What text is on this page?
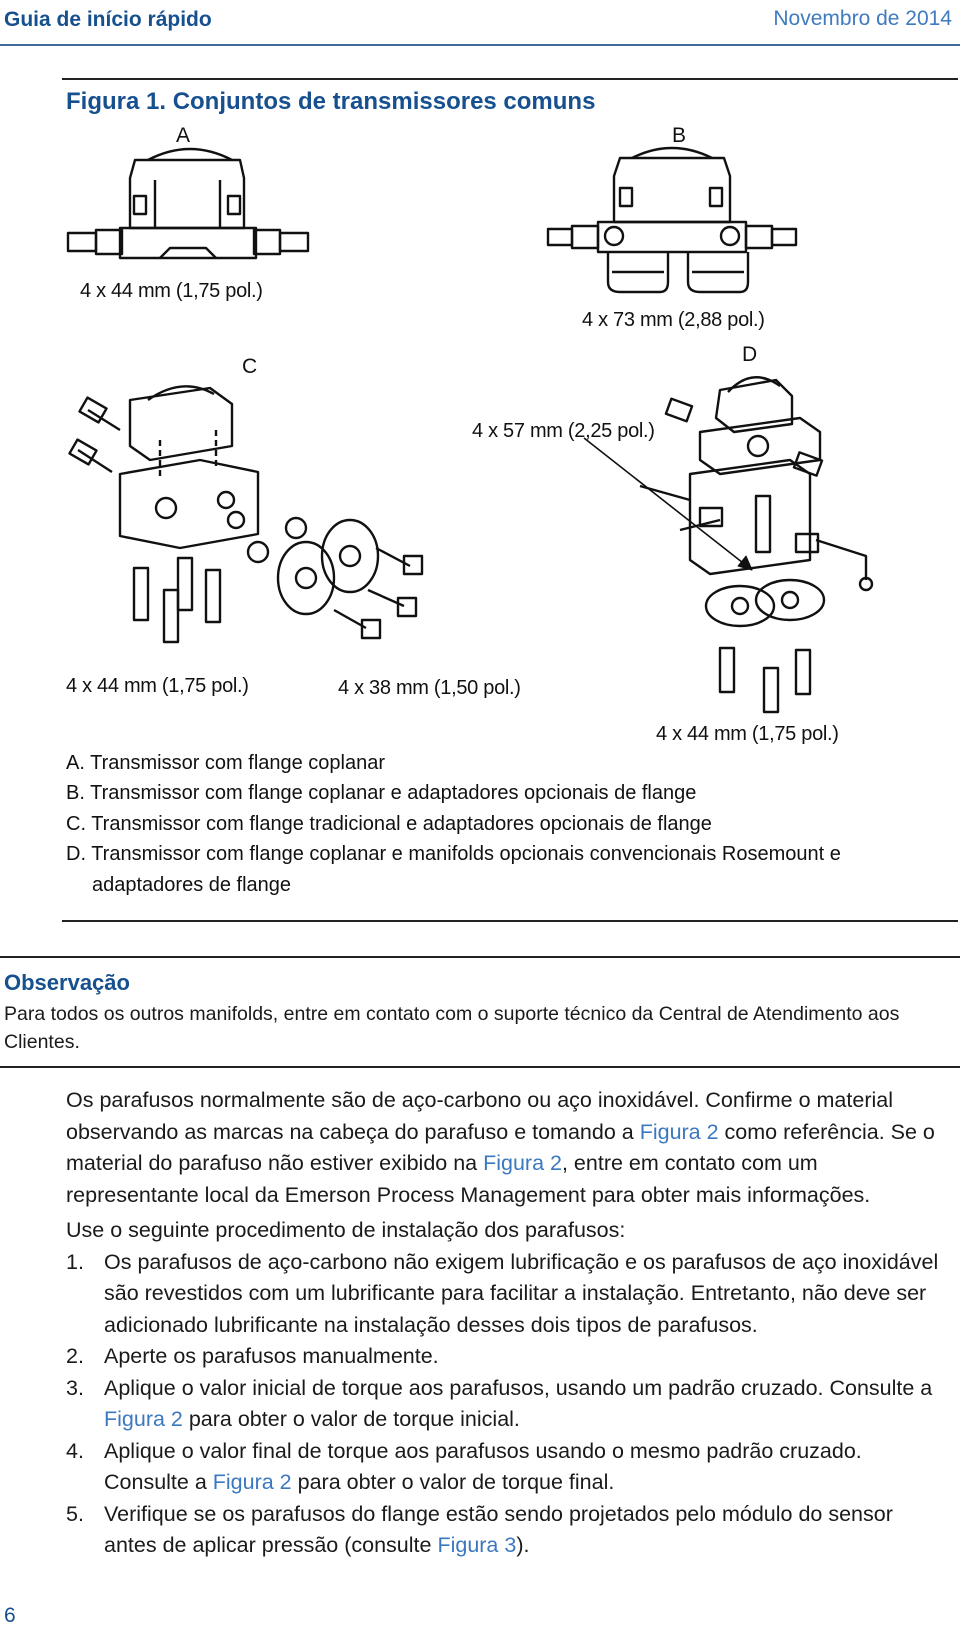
Guia de início rápido	Novembro de 2014
Figura 1. Conjuntos de transmissores comuns
A	B
C
D
4 x 44 mm (1,75 pol.)
4 x 73 mm (2,88 pol.)
4 x 57 mm (2,25 pol.)
4 x 44 mm (1,75 pol.)	4 x 38 mm (1,50 pol.)
4 x 44 mm (1,75 pol.)
A. Transmissor com flange coplanar
B. Transmissor com flange coplanar e adaptadores opcionais de flange
C. Transmissor com flange tradicional e adaptadores opcionais de flange
D. Transmissor com flange coplanar e manifolds opcionais convencionais Rosemount e
adaptadores de flange
Observação
Para todos os outros manifolds, entre em contato com o suporte técnico da Central de Atendimento aos Clientes.

Os parafusos normalmente são de aço-carbono ou aço inoxidável. Confirme o material observando as marcas na cabeça do parafuso e tomando a Figura 2 como referência. Se o material do parafuso não estiver exibido na Figura 2, entre em contato com um representante local da Emerson Process Management para obter mais informações.

Use o seguinte procedimento de instalação dos parafusos:

1. Os parafusos de aço-carbono não exigem lubrificação e os parafusos de aço inoxidável são revestidos com um lubrificante para facilitar a instalação. Entretanto, não deve ser adicionado lubrificante na instalação desses dois tipos de parafusos.
2. Aperte os parafusos manualmente.
3. Aplique o valor inicial de torque aos parafusos, usando um padrão cruzado. Consulte a Figura 2 para obter o valor de torque inicial.
4. Aplique o valor final de torque aos parafusos usando o mesmo padrão cruzado. Consulte a Figura 2 para obter o valor de torque final.
5. Verifique se os parafusos do flange estão sendo projetados pelo módulo do sensor antes de aplicar pressão (consulte Figura 3).
6
